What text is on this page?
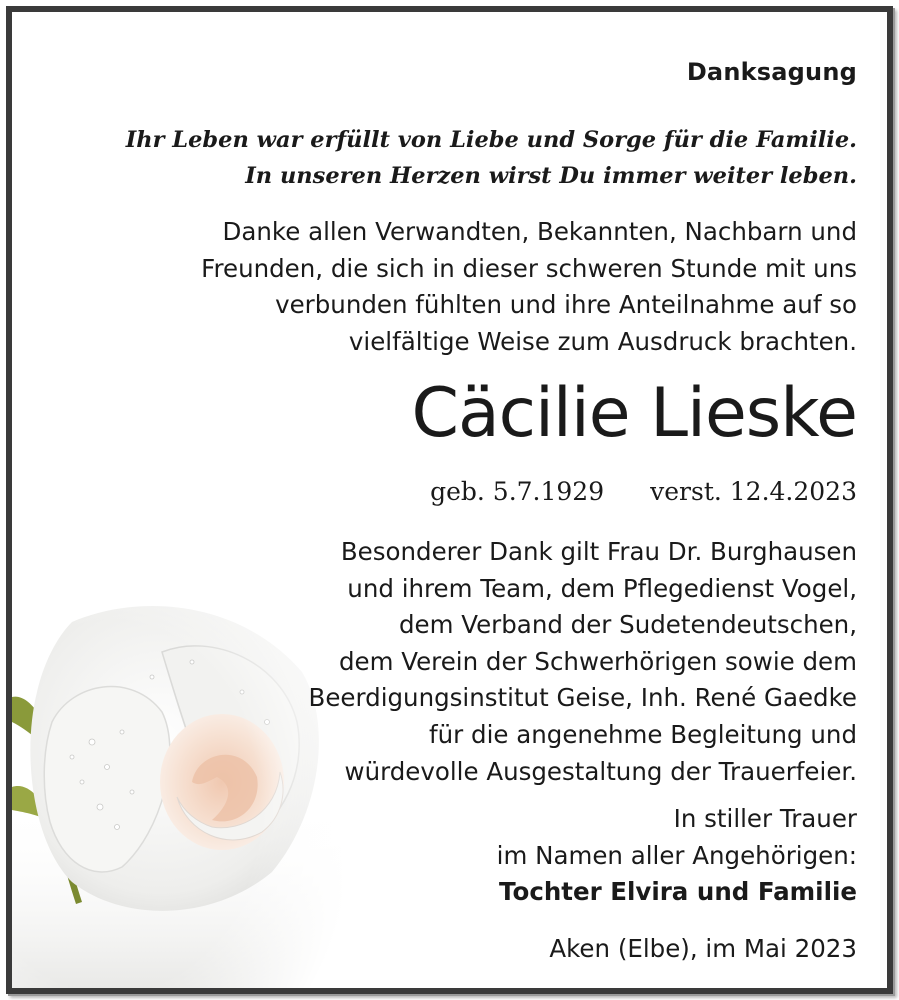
Danksagung
Ihr Leben war erfüllt von Liebe und Sorge für die Familie.
In unseren Herzen wirst Du immer weiter leben.
Danke allen Verwandten, Bekannten, Nachbarn und
Freunden, die sich in dieser schweren Stunde mit uns
verbunden fühlten und ihre Anteilnahme auf so
vielfältige Weise zum Ausdruck brachten.
Cäcilie Lieske
geb. 5.7.1929 verst. 12.4.2023
Besonderer Dank gilt Frau Dr. Burghausen
und ihrem Team, dem Pflegedienst Vogel,
dem Verband der Sudetendeutschen,
dem Verein der Schwerhörigen sowie dem
Beerdigungsinstitut Geise, Inh. René Gaedke
für die angenehme Begleitung und
würdevolle Ausgestaltung der Trauerfeier.
In stiller Trauer
im Namen aller Angehörigen:
Tochter Elvira und Familie
Aken (Elbe), im Mai 2023
